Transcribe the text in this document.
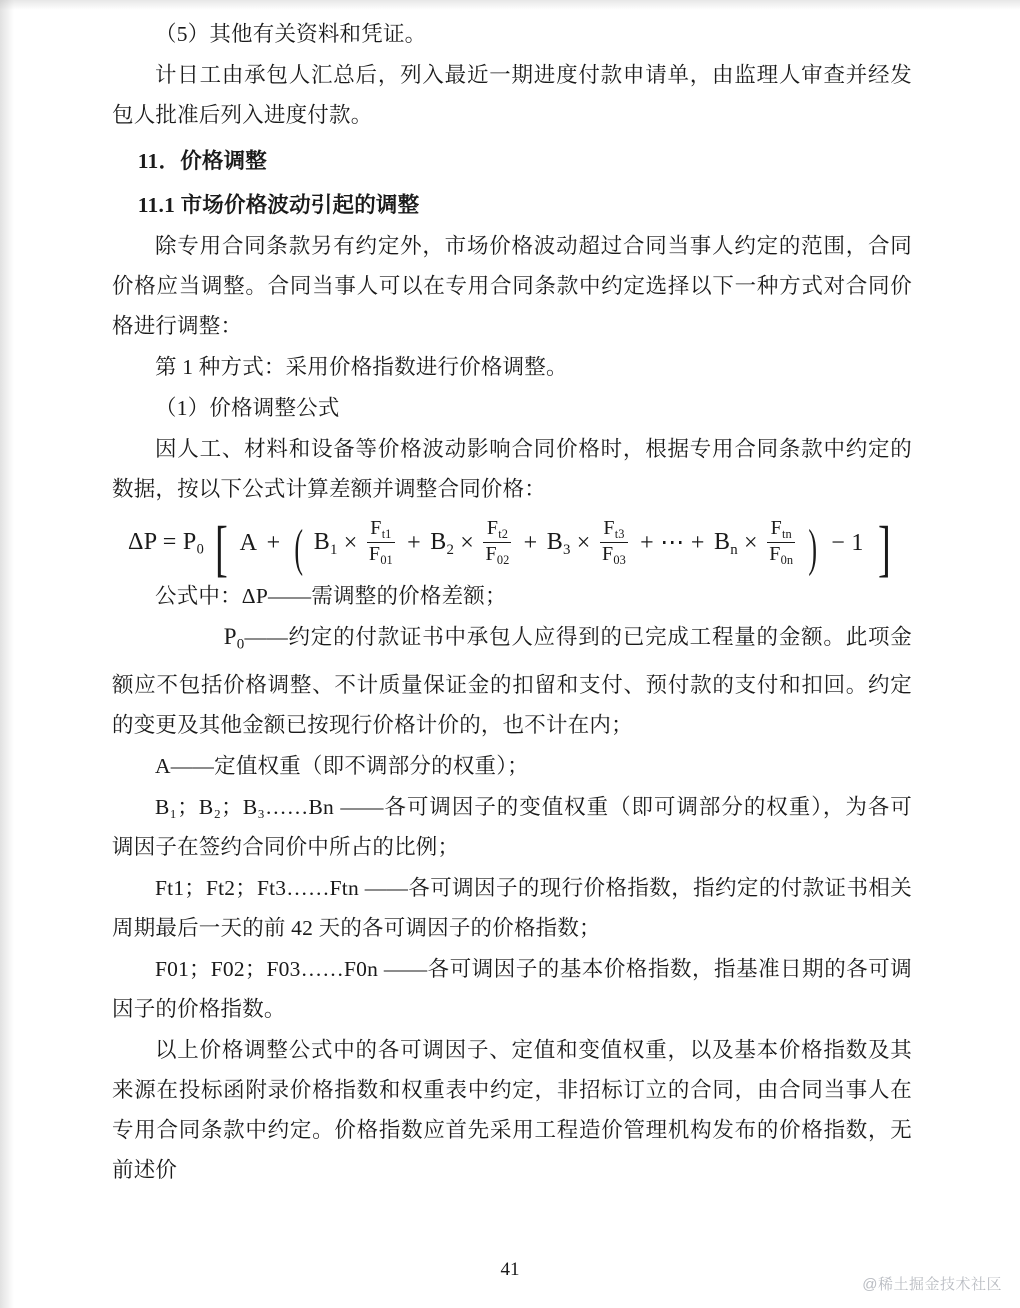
（5）其他有关资料和凭证。

计日工由承包人汇总后，列入最近一期进度付款申请单，由监理人审查并经发包人批准后列入进度付款。

11．价格调整

11.1 市场价格波动引起的调整

除专用合同条款另有约定外，市场价格波动超过合同当事人约定的范围，合同价格应当调整。合同当事人可以在专用合同条款中约定选择以下一种方式对合同价格进行调整：

第 1 种方式：采用价格指数进行价格调整。

（1）价格调整公式

因人工、材料和设备等价格波动影响合同价格时，根据专用合同条款中约定的数据，按以下公式计算差额并调整合同价格：

ΔP = P0 [ A + ( $B_1 \times \frac{F_{t1}}{F_{01}} + B_2 \times \frac{F_{t2}}{F_{02}} + B_3 \times \frac{F_{t3}}{F_{03}}$ + ⋯ + $B_n \times \frac{F_{tn}}{F_{0n}}$ ) − 1 ]

公式中：ΔP——需调整的价格差额；

$P_0——$约定的付款证书中承包人应得到的已完成工程量的金额。此项金额应不包括价格调整、不计质量保证金的扣留和支付、预付款的支付和扣回。约定的变更及其他金额已按现行价格计价的，也不计在内；

A——定值权重（即不调部分的权重）；

B₁；B₂；B₃……Bn ——各可调因子的变值权重（即可调部分的权重），为各可调因子在签约合同价中所占的比例；

Ft1；Ft2；Ft3……Ftn ——各可调因子的现行价格指数，指约定的付款证书相关周期最后一天的前 42 天的各可调因子的价格指数；

F01；F02；F03……F0n ——各可调因子的基本价格指数，指基准日期的各可调因子的价格指数。

以上价格调整公式中的各可调因子、定值和变值权重，以及基本价格指数及其来源在投标函附录价格指数和权重表中约定，非招标订立的合同，由合同当事人在专用合同条款中约定。价格指数应首先采用工程造价管理机构发布的价格指数，无前述价

41
@稀土掘金技术社区
